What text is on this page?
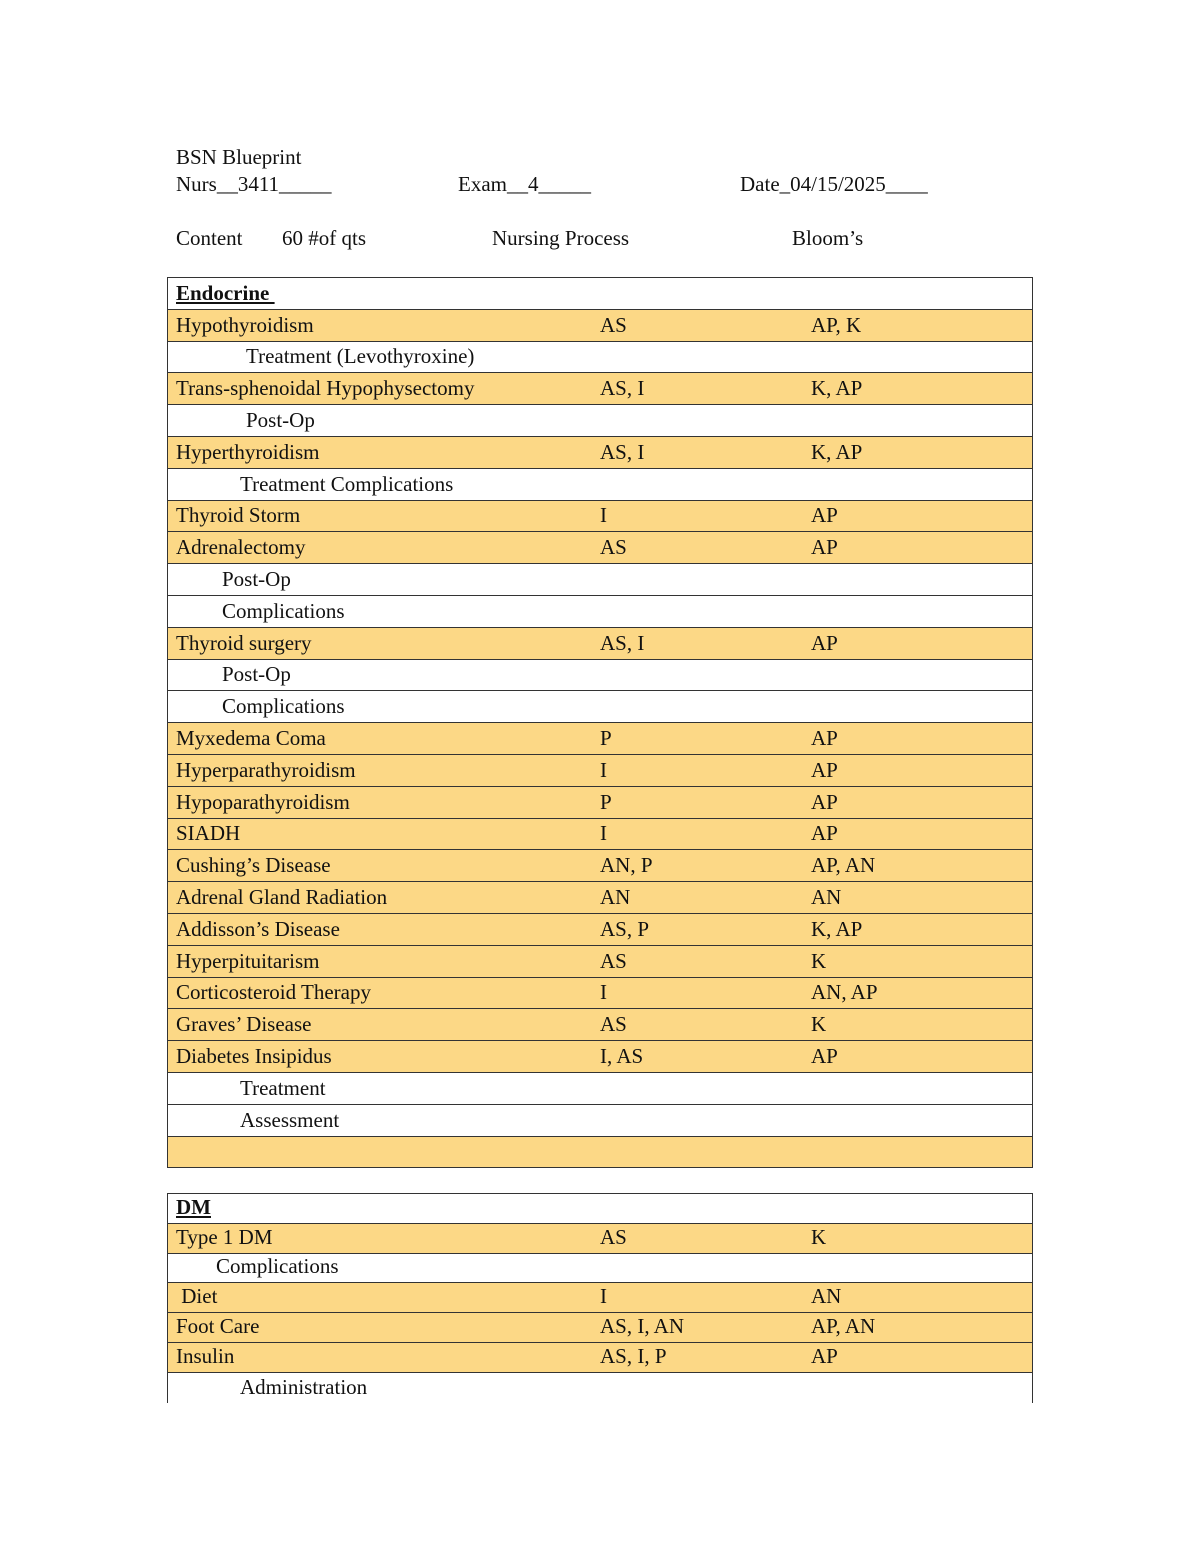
BSN Blueprint
Nurs__3411_____	Exam__4_____	Date_04/15/2025____
Content 60 #of qts	Nursing Process	Bloom’s
Endocrine
Hypothyroidism	AS	AP, K
Treatment (Levothyroxine)
Trans-sphenoidal Hypophysectomy	AS, I	K, AP
Post-Op
Hyperthyroidism	AS, I	K, AP
Treatment Complications
Thyroid Storm	I	AP
Adrenalectomy	AS	AP
Post-Op
Complications
Thyroid surgery	AS, I	AP
Post-Op
Complications
Myxedema Coma	P	AP
Hyperparathyroidism	I	AP
Hypoparathyroidism	P	AP
SIADH	I	AP
Cushing’s Disease	AN, P	AP, AN
Adrenal Gland Radiation	AN	AN
Addisson’s Disease	AS, P	K, AP
Hyperpituitarism	AS	K
Corticosteroid Therapy	I	AN, AP
Graves’ Disease	AS	K
Diabetes Insipidus	I, AS	AP
Treatment
Assessment
DM
Type 1 DM	AS	K
Complications
Diet	I	AN
Foot Care	AS, I, AN	AP, AN
Insulin	AS, I, P	AP
Administration
